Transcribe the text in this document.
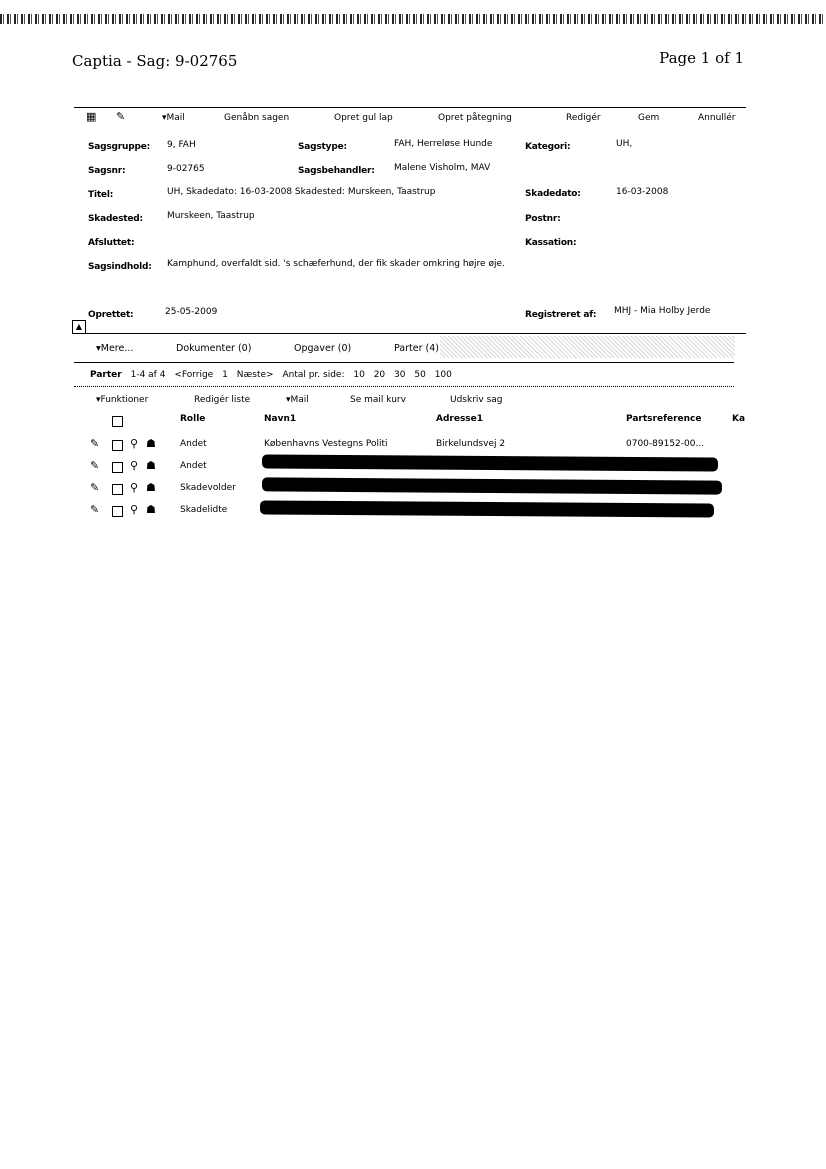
Captia - Sag: 9-02765	Page 1 of 1
▦ ✎	▾Mail	Genåbn sagen	Opret gul lap	Opret påtegning	Redigér	Gem	Annullér
Sagsgruppe: 9, FAH	Sagstype:	FAH, Herreløse Hunde	Kategori:	UH,
Sagsnr:	9-02765	Sagsbehandler: Malene Visholm, MAV
Titel:	UH, Skadedato: 16-03-2008 Skadested: Murskeen, Taastrup	Skadedato:	16-03-2008
Skadested:	Murskeen, Taastrup	Postnr:
Afsluttet:	Kassation:
Sagsindhold: Kamphund, overfaldt sid. 's schæferhund, der fik skader omkring højre øje.
Oprettet:	25-05-2009	Registreret af: MHJ - Mia Holby Jerde
▲
▾Mere...	Dokumenter (0)	Opgaver (0)	Parter (4)
Parter 1-4 af 4 <Forrige 1 Næste> Antal pr. side: 10 20 30 50 100
▾Funktioner	Redigér liste	▾Mail	Se mail kurv	Udskriv sag
Rolle	Navn1	Adresse1	Partsreference	Ka
✎	⚲ ☗	Andet	Københavns Vestegns Politi	Birkelundsvej 2	0700-89152-00...
✎	⚲ ☗	Andet
✎	⚲ ☗	Skadevolder
✎	⚲ ☗	Skadelidte
